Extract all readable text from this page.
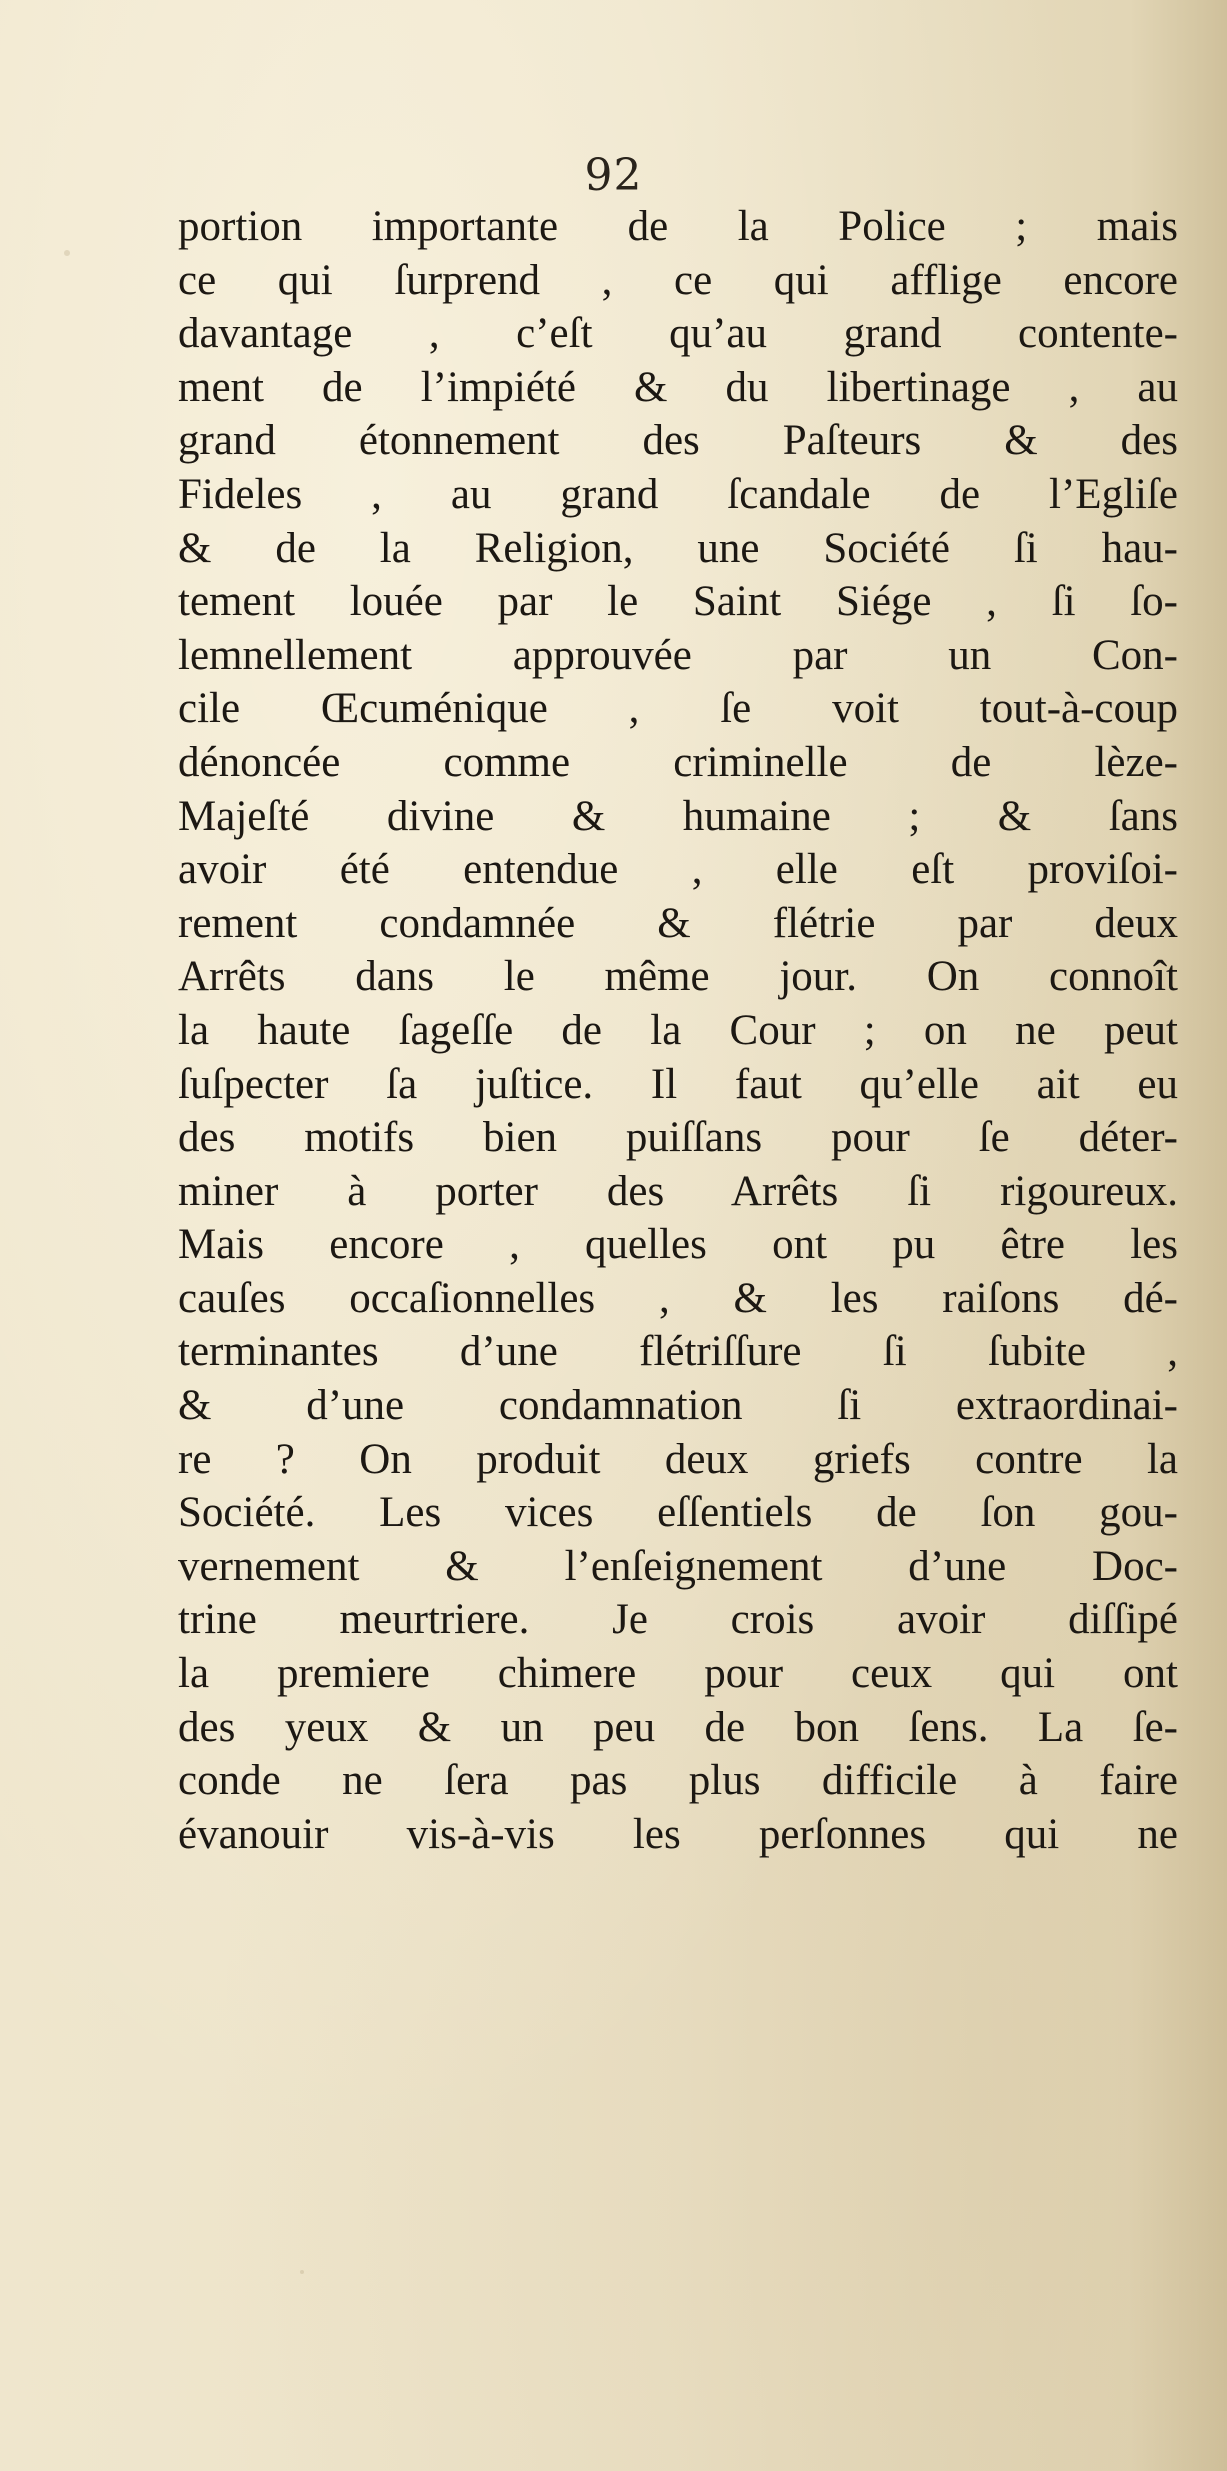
92
portion importante de la Police ; mais
ce qui ſurprend , ce qui afflige encore
davantage , c’eſt qu’au grand contente-
ment de l’impiété & du libertinage , au
grand étonnement des Paſteurs & des
Fideles , au grand ſcandale de l’Egliſe
& de la Religion, une Société ſi hau-
tement louée par le Saint Siége , ſi ſo-
lemnellement approuvée par un Con-
cile Œcuménique , ſe voit tout-à-coup
dénoncée comme criminelle de lèze-
Majeſté divine & humaine ; & ſans
avoir été entendue , elle eſt proviſoi-
rement condamnée & flétrie par deux
Arrêts dans le même jour. On connoît
la haute ſageſſe de la Cour ; on ne peut
ſuſpecter ſa juſtice. Il faut qu’elle ait eu
des motifs bien puiſſans pour ſe déter-
miner à porter des Arrêts ſi rigoureux.
Mais encore , quelles ont pu être les
cauſes occaſionnelles , & les raiſons dé-
terminantes d’une flétriſſure ſi ſubite ,
& d’une condamnation ſi extraordinai-
re ? On produit deux griefs contre la
Société. Les vices eſſentiels de ſon gou-
vernement & l’enſeignement d’une Doc-
trine meurtriere. Je crois avoir diſſipé
la premiere chimere pour ceux qui ont
des yeux & un peu de bon ſens. La ſe-
conde ne ſera pas plus difficile à faire
évanouir vis-à-vis les perſonnes qui ne
